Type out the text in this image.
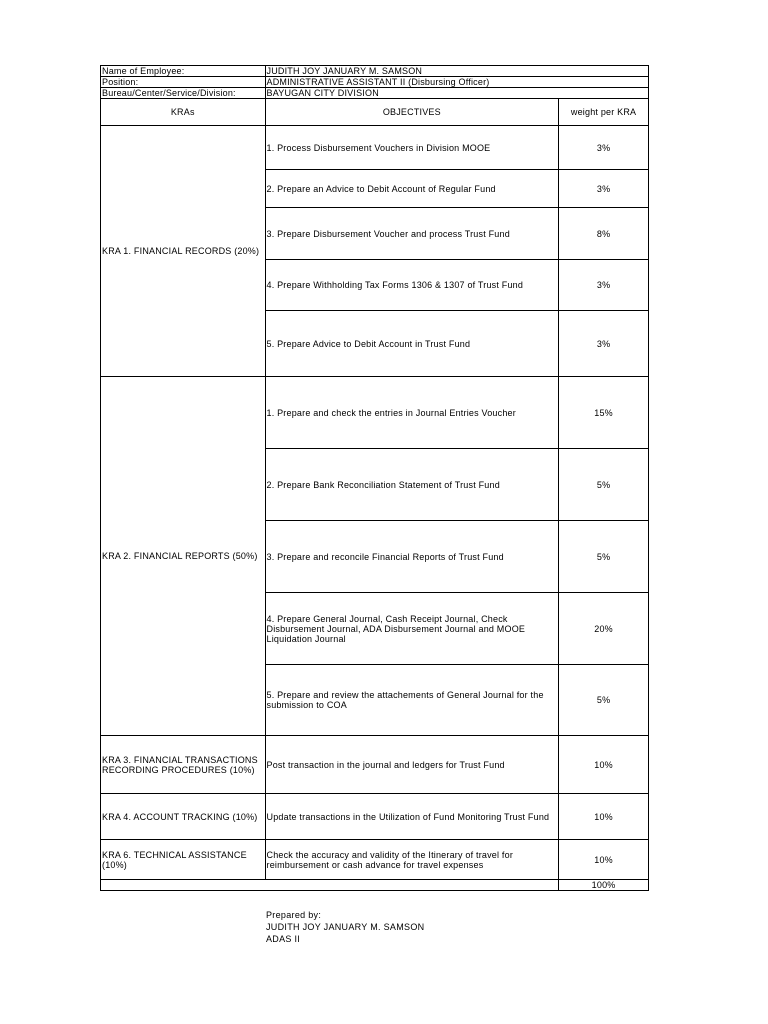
Name of Employee:	JUDITH JOY JANUARY M. SAMSON	
Position:	ADMINISTRATIVE ASSISTANT II (Disbursing Officer)	
Bureau/Center/Service/Division:	BAYUGAN CITY DIVISION	
KRAs	OBJECTIVES	weight per KRA
KRA 1. FINANCIAL RECORDS (20%)	1. Process Disbursement Vouchers in Division MOOE	3%
	2. Prepare an Advice to Debit Account of Regular Fund	3%
	3. Prepare Disbursement Voucher and process Trust Fund	8%
	4. Prepare Withholding Tax Forms 1306 & 1307 of Trust Fund	3%
	5. Prepare Advice to Debit Account in Trust Fund	3%
KRA 2. FINANCIAL REPORTS (50%)	1. Prepare and check the entries in Journal Entries Voucher	15%
	2. Prepare Bank Reconciliation Statement of Trust Fund	5%
	3. Prepare and reconcile Financial Reports of Trust Fund	5%
	4. Prepare General Journal, Cash Receipt Journal, Check Disbursement Journal, ADA Disbursement Journal and MOOE Liquidation Journal	20%
	5. Prepare and review the attachements of General Journal for the submission to COA	5%
KRA 3. FINANCIAL TRANSACTIONS RECORDING PROCEDURES (10%)	Post transaction in the journal and ledgers for Trust Fund	10%
KRA 4. ACCOUNT TRACKING (10%)	Update transactions in the Utilization of Fund Monitoring Trust Fund	10%
KRA 6. TECHNICAL ASSISTANCE (10%)	Check the accuracy and validity of the Itinerary of travel for reimbursement or cash advance for travel expenses	10%
		100%
Prepared by:
JUDITH JOY JANUARY M. SAMSON
ADAS II
